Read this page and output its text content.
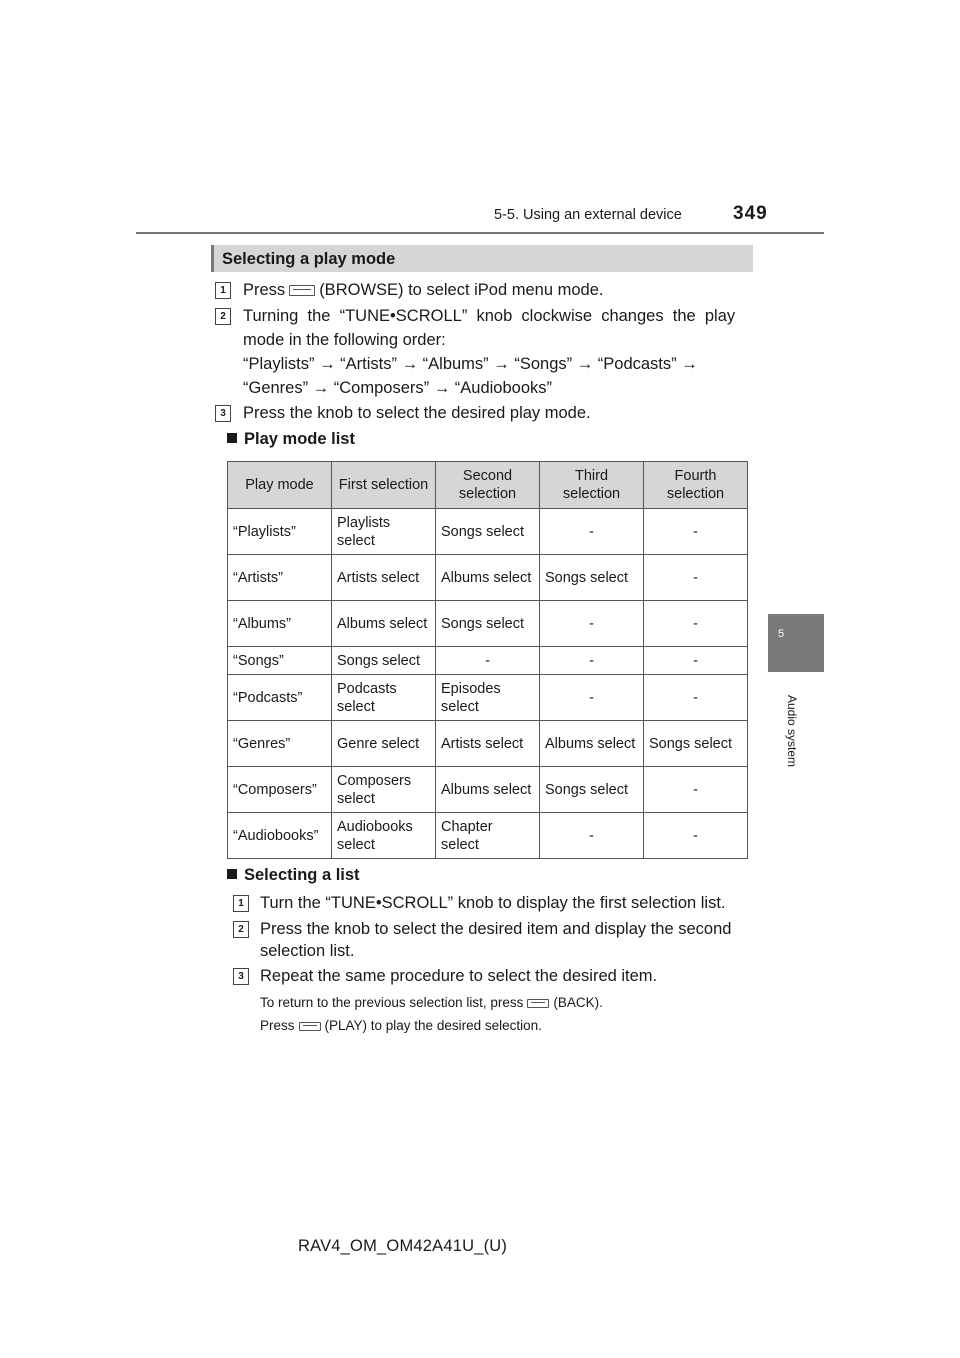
5-5. Using an external device	349
5
Audio system
Selecting a play mode
1	Press (BROWSE) to select iPod menu mode.
2	Turning  the  “TUNE•SCROLL”  knob  clockwise  changes  the  play
mode in the following order:
“Playlists” → “Artists” → “Albums” → “Songs” → “Podcasts” →
“Genres” → “Composers” → “Audiobooks”
3	Press the knob to select the desired play mode.
Play mode list
Play mode	First selection	Second selection	Third selection	Fourth selection
“Playlists”	Playlists select	Songs select	-	-
“Artists”	Artists select	Albums select	Songs select	-
“Albums”	Albums select	Songs select	-	-
“Songs”	Songs select	-	-	-
“Podcasts”	Podcasts select	Episodes select	-	-
“Genres”	Genre select	Artists select	Albums select	Songs select
“Composers”	Composers select	Albums select	Songs select	-
“Audiobooks”	Audiobooks select	Chapter select	-	-
Selecting a list
1 Turn the “TUNE•SCROLL” knob to display the first selection list.
2 Press the knob to select the desired item and display the second
selection list.
3 Repeat the same procedure to select the desired item.
To return to the previous selection list, press (BACK).
Press (PLAY) to play the desired selection.
RAV4_OM_OM42A41U_(U)
